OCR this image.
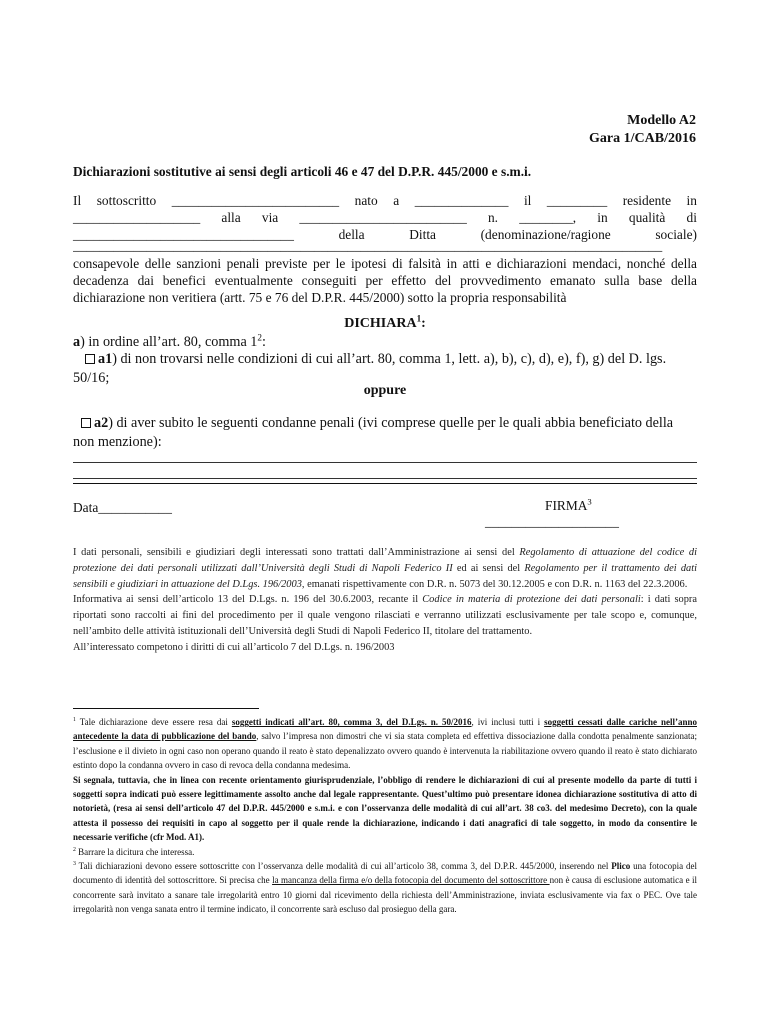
Modello A2
Gara 1/CAB/2016
Dichiarazioni sostitutive ai sensi degli articoli 46 e 47 del D.P.R. 445/2000 e s.m.i.
Il sottoscritto _________________________ nato a ______________ il _________ residente in
___________________ alla via _________________________ n. ________, in qualità di
_________________________________	della	Ditta	(denominazione/ragione	sociale)
________________________________________________________________________________________
consapevole delle sanzioni penali previste per le ipotesi di falsità in atti e dichiarazioni mendaci, nonché della decadenza dai benefici eventualmente conseguiti per effetto del provvedimento emanato sulla base della dichiarazione non veritiera (artt. 75 e 76 del D.P.R. 445/2000) sotto la propria responsabilità
DICHIARA$^1$:
a) in ordine all’art. 80, comma $1^2$:
a1) di non trovarsi nelle condizioni di cui all’art. 80, comma 1, lett. a), b), c), d), e), f), g) del D. lgs. 50/16;
oppure
a2) di aver subito le seguenti condanne penali (ivi comprese quelle per le quali abbia beneficiato della non menzione):
Data___________	FIRMA$^3$
____________________
I dati personali, sensibili e giudiziari degli interessati sono trattati dall’Amministrazione ai sensi del Regolamento di attuazione del codice di protezione dei dati personali utilizzati dall’Università degli Studi di Napoli Federico II ed ai sensi del Regolamento per il trattamento dei dati sensibili e giudiziari in attuazione del D.Lgs. 196/2003, emanati rispettivamente con D.R. n. 5073 del 30.12.2005 e con D.R. n. 1163 del 22.3.2006.
Informativa ai sensi dell’articolo 13 del D.Lgs. n. 196 del 30.6.2003, recante il Codice in materia di protezione dei dati personali: i dati sopra riportati sono raccolti ai fini del procedimento per il quale vengono rilasciati e verranno utilizzati esclusivamente per tale scopo e, comunque, nell’ambito delle attività istituzionali dell’Università degli Studi di Napoli Federico II, titolare del trattamento.
All’interessato competono i diritti di cui all’articolo 7 del D.Lgs. n. 196/2003
$^1$ Tale dichiarazione deve essere resa dai soggetti indicati all’art. 80, comma 3, del D.Lgs. n. 50/2016, ivi inclusi tutti i soggetti cessati dalle cariche nell’anno antecedente la data di pubblicazione del bando, salvo l’impresa non dimostri che vi sia stata completa ed effettiva dissociazione dalla condotta penalmente sanzionata; l’esclusione e il divieto in ogni caso non operano quando il reato è stato depenalizzato ovvero quando è intervenuta la riabilitazione ovvero quando il reato è stato dichiarato estinto dopo la condanna ovvero in caso di revoca della condanna medesima.
Si segnala, tuttavia, che in linea con recente orientamento giurisprudenziale, l’obbligo di rendere le dichiarazioni di cui al presente modello da parte di tutti i soggetti sopra indicati può essere legittimamente assolto anche dal legale rappresentante. Quest’ultimo può presentare idonea dichiarazione sostitutiva di atto di notorietà, (resa ai sensi dell’articolo 47 del D.P.R. 445/2000 e s.m.i. e con l’osservanza delle modalità di cui all’art. 38 co3. del medesimo Decreto), con la quale attesta il possesso dei requisiti in capo al soggetto per il quale rende la dichiarazione, indicando i dati anagrafici di tale soggetto, in modo da consentire le necessarie verifiche (cfr Mod. A1).
$^2$ Barrare la dicitura che interessa.
$^3$ Tali dichiarazioni devono essere sottoscritte con l’osservanza delle modalità di cui all’articolo 38, comma 3, del D.P.R. 445/2000, inserendo nel Plico una fotocopia del documento di identità del sottoscrittore. Si precisa che la mancanza della firma e/o della fotocopia del documento del sottoscrittore non è causa di esclusione automatica e il concorrente sarà invitato a sanare tale irregolarità entro 10 giorni dal ricevimento della richiesta dell’Amministrazione, inviata esclusivamente via fax o PEC. Ove tale irregolarità non venga sanata entro il termine indicato, il concorrente sarà escluso dal prosieguo della gara.
